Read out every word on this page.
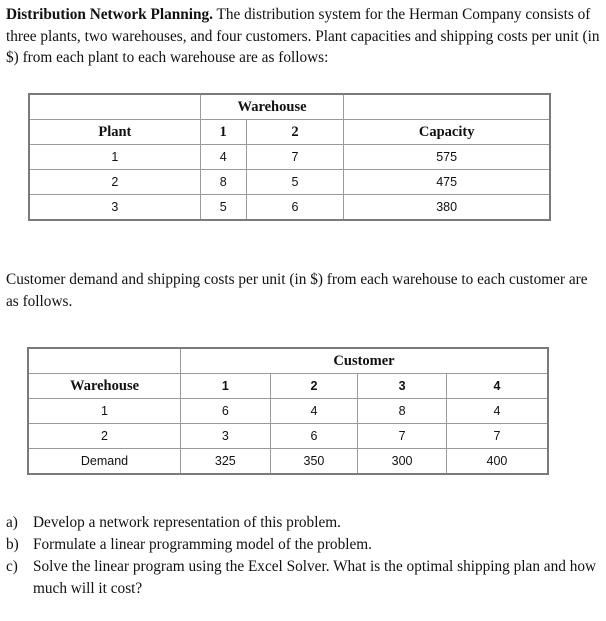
Distribution Network Planning. The distribution system for the Herman Company consists of three plants, two warehouses, and four customers. Plant capacities and shipping costs per unit (in $) from each plant to each warehouse are as follows:
	Warehouse		
Plant	1	2	Capacity
1	4	7	575
2	8	5	475
3	5	6	380
Customer demand and shipping costs per unit (in $) from each warehouse to each customer are as follows.
	Customer			
Warehouse	1	2	3	4
1	6	4	8	4
2	3	6	7	7
Demand	325	350	300	400
a) Develop a network representation of this problem.
b) Formulate a linear programming model of the problem.
c) Solve the linear program using the Excel Solver. What is the optimal shipping plan and how much will it cost?
